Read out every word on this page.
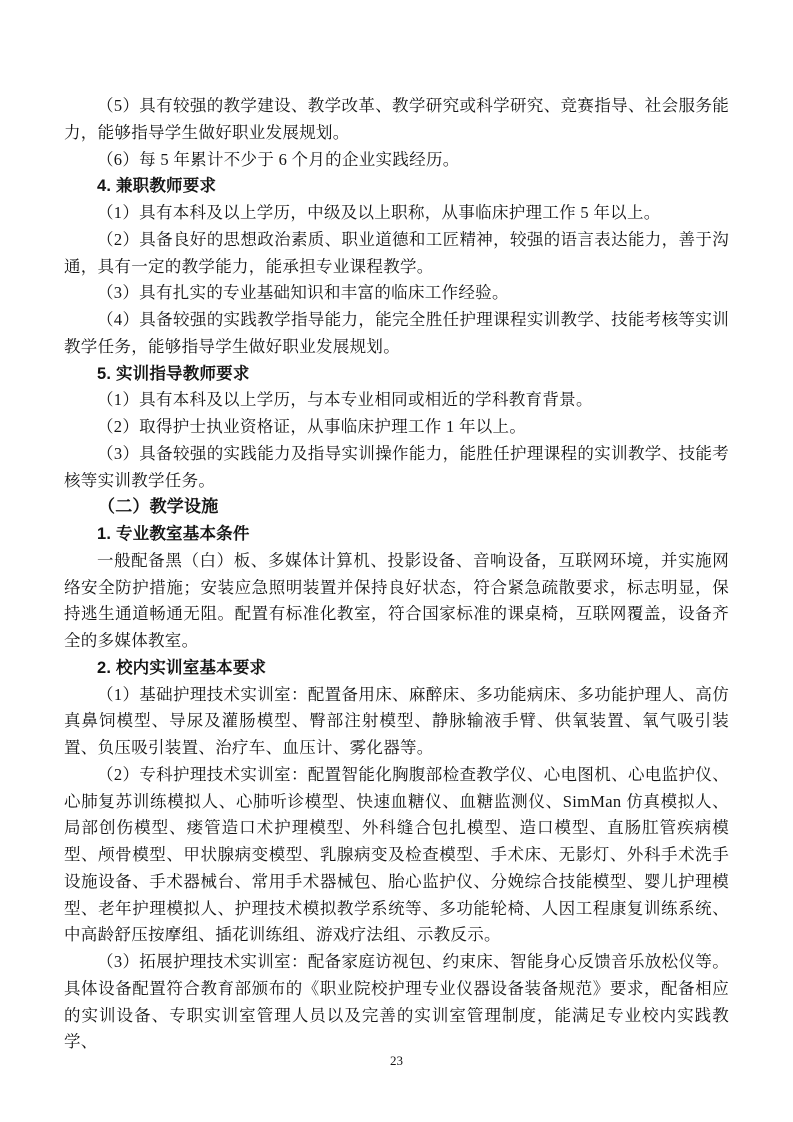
（5）具有较强的教学建设、教学改革、教学研究或科学研究、竞赛指导、社会服务能力，能够指导学生做好职业发展规划。

（6）每 5 年累计不少于 6 个月的企业实践经历。

4. 兼职教师要求

（1）具有本科及以上学历，中级及以上职称，从事临床护理工作 5 年以上。

（2）具备良好的思想政治素质、职业道德和工匠精神，较强的语言表达能力，善于沟通，具有一定的教学能力，能承担专业课程教学。

（3）具有扎实的专业基础知识和丰富的临床工作经验。

（4）具备较强的实践教学指导能力，能完全胜任护理课程实训教学、技能考核等实训教学任务，能够指导学生做好职业发展规划。

5. 实训指导教师要求

（1）具有本科及以上学历，与本专业相同或相近的学科教育背景。

（2）取得护士执业资格证，从事临床护理工作 1 年以上。

（3）具备较强的实践能力及指导实训操作能力，能胜任护理课程的实训教学、技能考核等实训教学任务。

（二）教学设施

1. 专业教室基本条件

一般配备黑（白）板、多媒体计算机、投影设备、音响设备，互联网环境，并实施网络安全防护措施；安装应急照明装置并保持良好状态，符合紧急疏散要求，标志明显，保持逃生通道畅通无阻。配置有标准化教室，符合国家标准的课桌椅，互联网覆盖，设备齐全的多媒体教室。

2. 校内实训室基本要求

（1）基础护理技术实训室：配置备用床、麻醉床、多功能病床、多功能护理人、高仿真鼻饲模型、导尿及灌肠模型、臀部注射模型、静脉输液手臂、供氧装置、氧气吸引装置、负压吸引装置、治疗车、血压计、雾化器等。

（2）专科护理技术实训室：配置智能化胸腹部检查教学仪、心电图机、心电监护仪、心肺复苏训练模拟人、心肺听诊模型、快速血糖仪、血糖监测仪、SimMan 仿真模拟人、局部创伤模型、瘘管造口术护理模型、外科缝合包扎模型、造口模型、直肠肛管疾病模型、颅骨模型、甲状腺病变模型、乳腺病变及检查模型、手术床、无影灯、外科手术洗手设施设备、手术器械台、常用手术器械包、胎心监护仪、分娩综合技能模型、婴儿护理模型、老年护理模拟人、护理技术模拟教学系统等、多功能轮椅、人因工程康复训练系统、中高龄舒压按摩组、插花训练组、游戏疗法组、示教反示。

（3）拓展护理技术实训室：配备家庭访视包、约束床、智能身心反馈音乐放松仪等。具体设备配置符合教育部颁布的《职业院校护理专业仪器设备装备规范》要求，配备相应的实训设备、专职实训室管理人员以及完善的实训室管理制度，能满足专业校内实践教学、

23
